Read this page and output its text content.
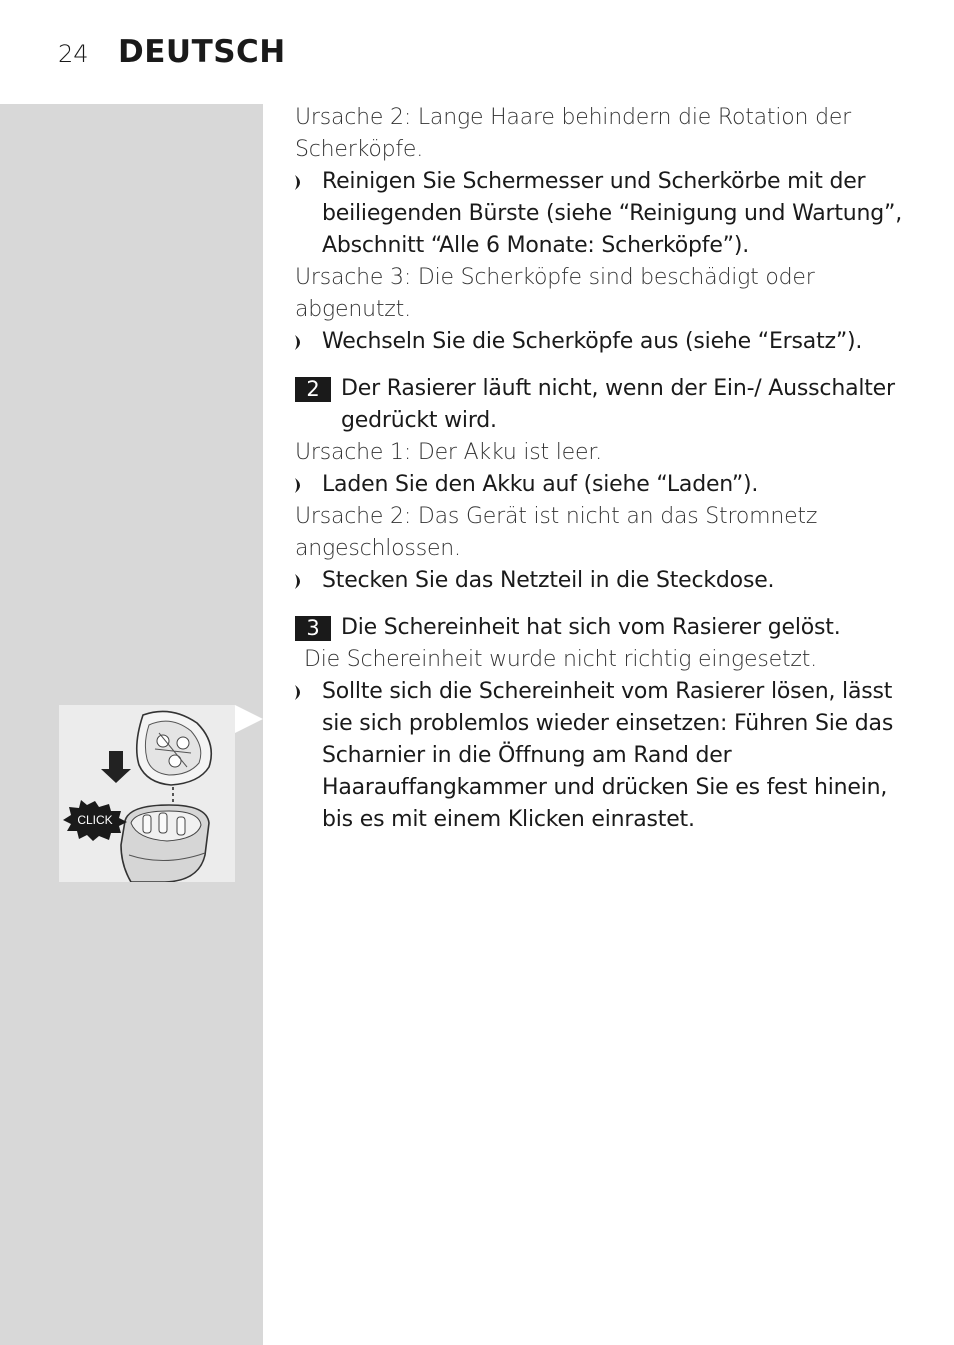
24 DEUTSCH
CLICK

Ursache 2: Lange Haare behindern die Rotation der Scherköpfe.

Reinigen Sie Schermesser und Scherkörbe mit der beiliegenden Bürste (siehe “Reinigung und Wartung”, Abschnitt “Alle 6 Monate: Scherköpfe”).

Ursache 3: Die Scherköpfe sind beschädigt oder abgenutzt.

Wechseln Sie die Scherköpfe aus (siehe “Ersatz”).

2 Der Rasierer läuft nicht, wenn der Ein-/ Ausschalter gedrückt wird.

Ursache 1: Der Akku ist leer.

Laden Sie den Akku auf (siehe “Laden”).

Ursache 2: Das Gerät ist nicht an das Stromnetz angeschlossen.

Stecken Sie das Netzteil in die Steckdose.

3 Die Schereinheit hat sich vom Rasierer gelöst.

Die Schereinheit wurde nicht richtig eingesetzt.

Sollte sich die Schereinheit vom Rasierer lösen, lässt sie sich problemlos wieder einsetzen: Führen Sie das Scharnier in die Öffnung am Rand der Haarauffangkammer und drücken Sie es fest hinein, bis es mit einem Klicken einrastet.
